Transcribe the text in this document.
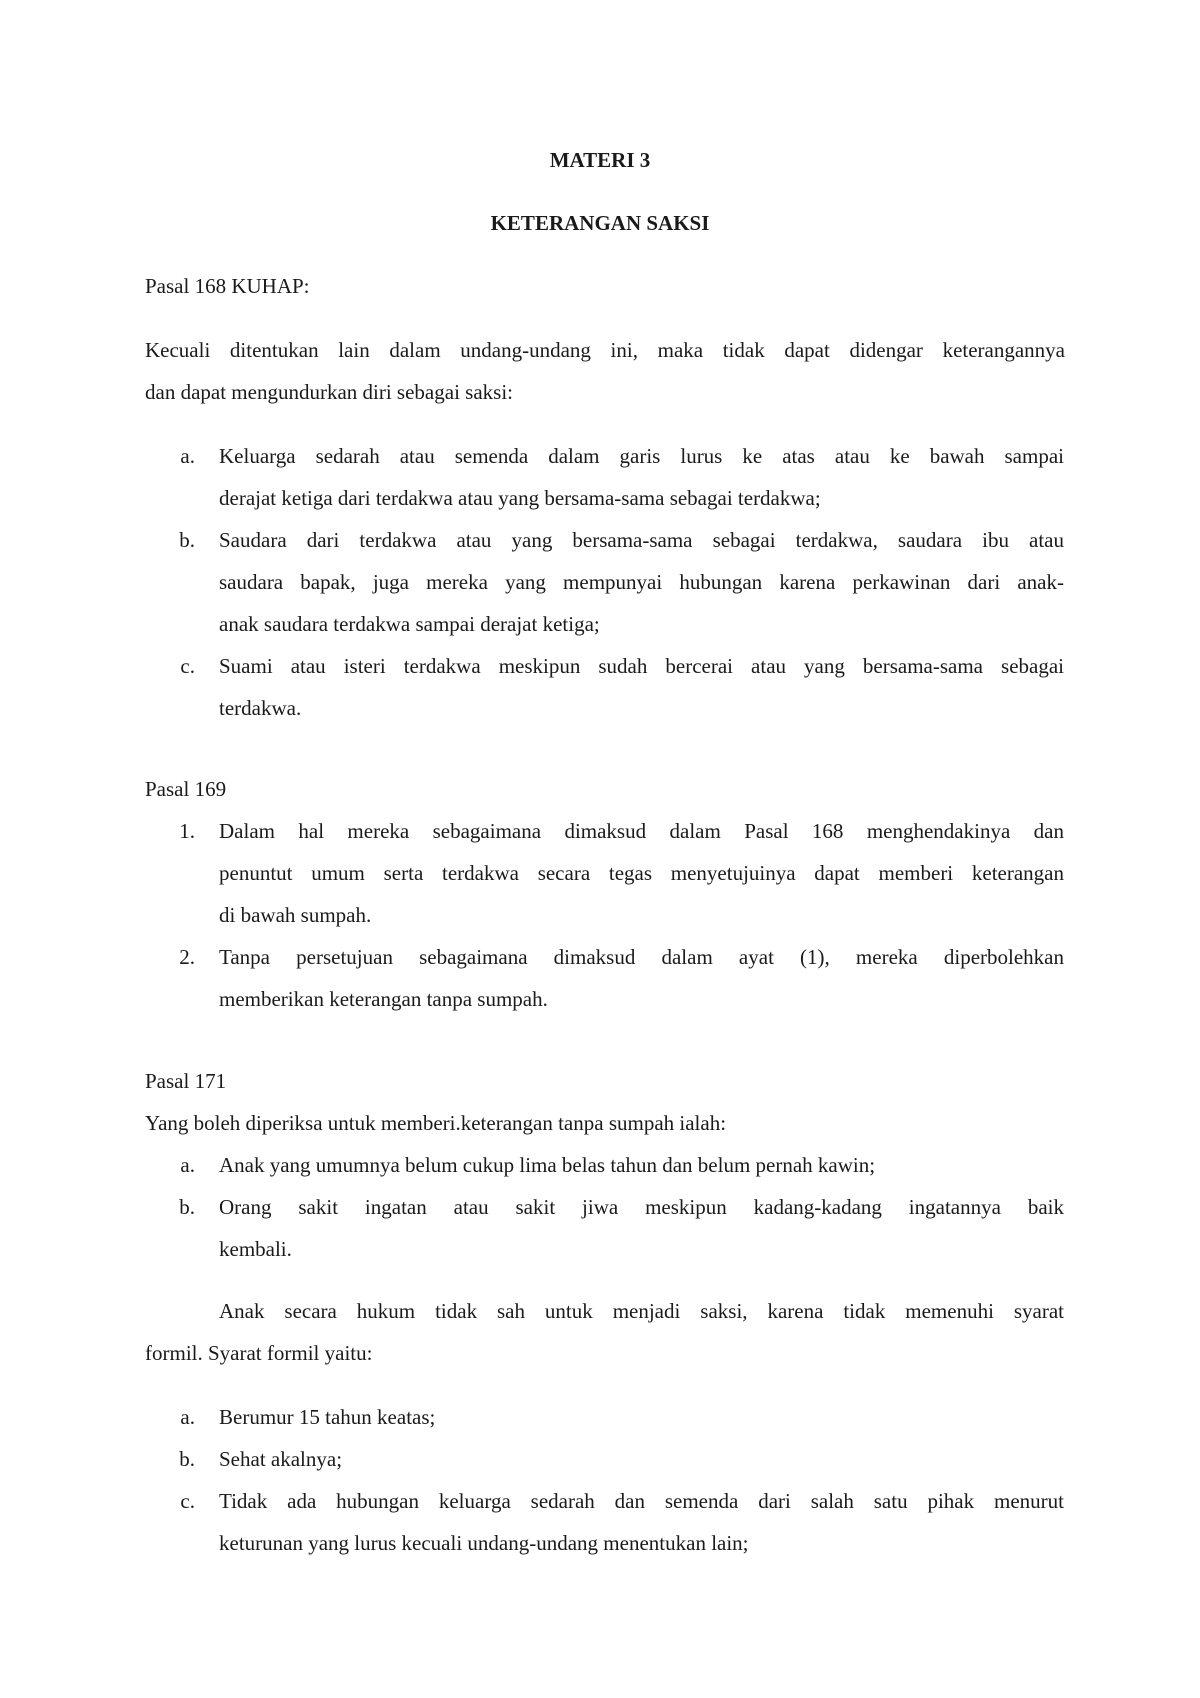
MATERI 3
KETERANGAN SAKSI
Pasal 168 KUHAP:
Kecuali ditentukan lain dalam undang-undang ini, maka tidak dapat didengar keterangannya
dan dapat mengundurkan diri sebagai saksi:
a. Keluarga sedarah atau semenda dalam garis lurus ke atas atau ke bawah sampai
derajat ketiga dari terdakwa atau yang bersama-sama sebagai terdakwa;
b. Saudara dari terdakwa atau yang bersama-sama sebagai terdakwa, saudara ibu atau
saudara bapak, juga mereka yang mempunyai hubungan karena perkawinan dari anak-
anak saudara terdakwa sampai derajat ketiga;
c. Suami atau isteri terdakwa meskipun sudah bercerai atau yang bersama-sama sebagai
terdakwa.
Pasal 169
1. Dalam hal mereka sebagaimana dimaksud dalam Pasal 168 menghendakinya dan
penuntut umum serta terdakwa secara tegas menyetujuinya dapat memberi keterangan
di bawah sumpah.
2. Tanpa persetujuan sebagaimana dimaksud dalam ayat (1), mereka diperbolehkan
memberikan keterangan tanpa sumpah.
Pasal 171
Yang boleh diperiksa untuk memberi.keterangan tanpa sumpah ialah:
a. Anak yang umumnya belum cukup lima belas tahun dan belum pernah kawin;
b. Orang sakit ingatan atau sakit jiwa meskipun kadang-kadang ingatannya baik
kembali.
Anak secara hukum tidak sah untuk menjadi saksi, karena tidak memenuhi syarat
formil. Syarat formil yaitu:
a. Berumur 15 tahun keatas;
b. Sehat akalnya;
c. Tidak ada hubungan keluarga sedarah dan semenda dari salah satu pihak menurut
keturunan yang lurus kecuali undang-undang menentukan lain;
